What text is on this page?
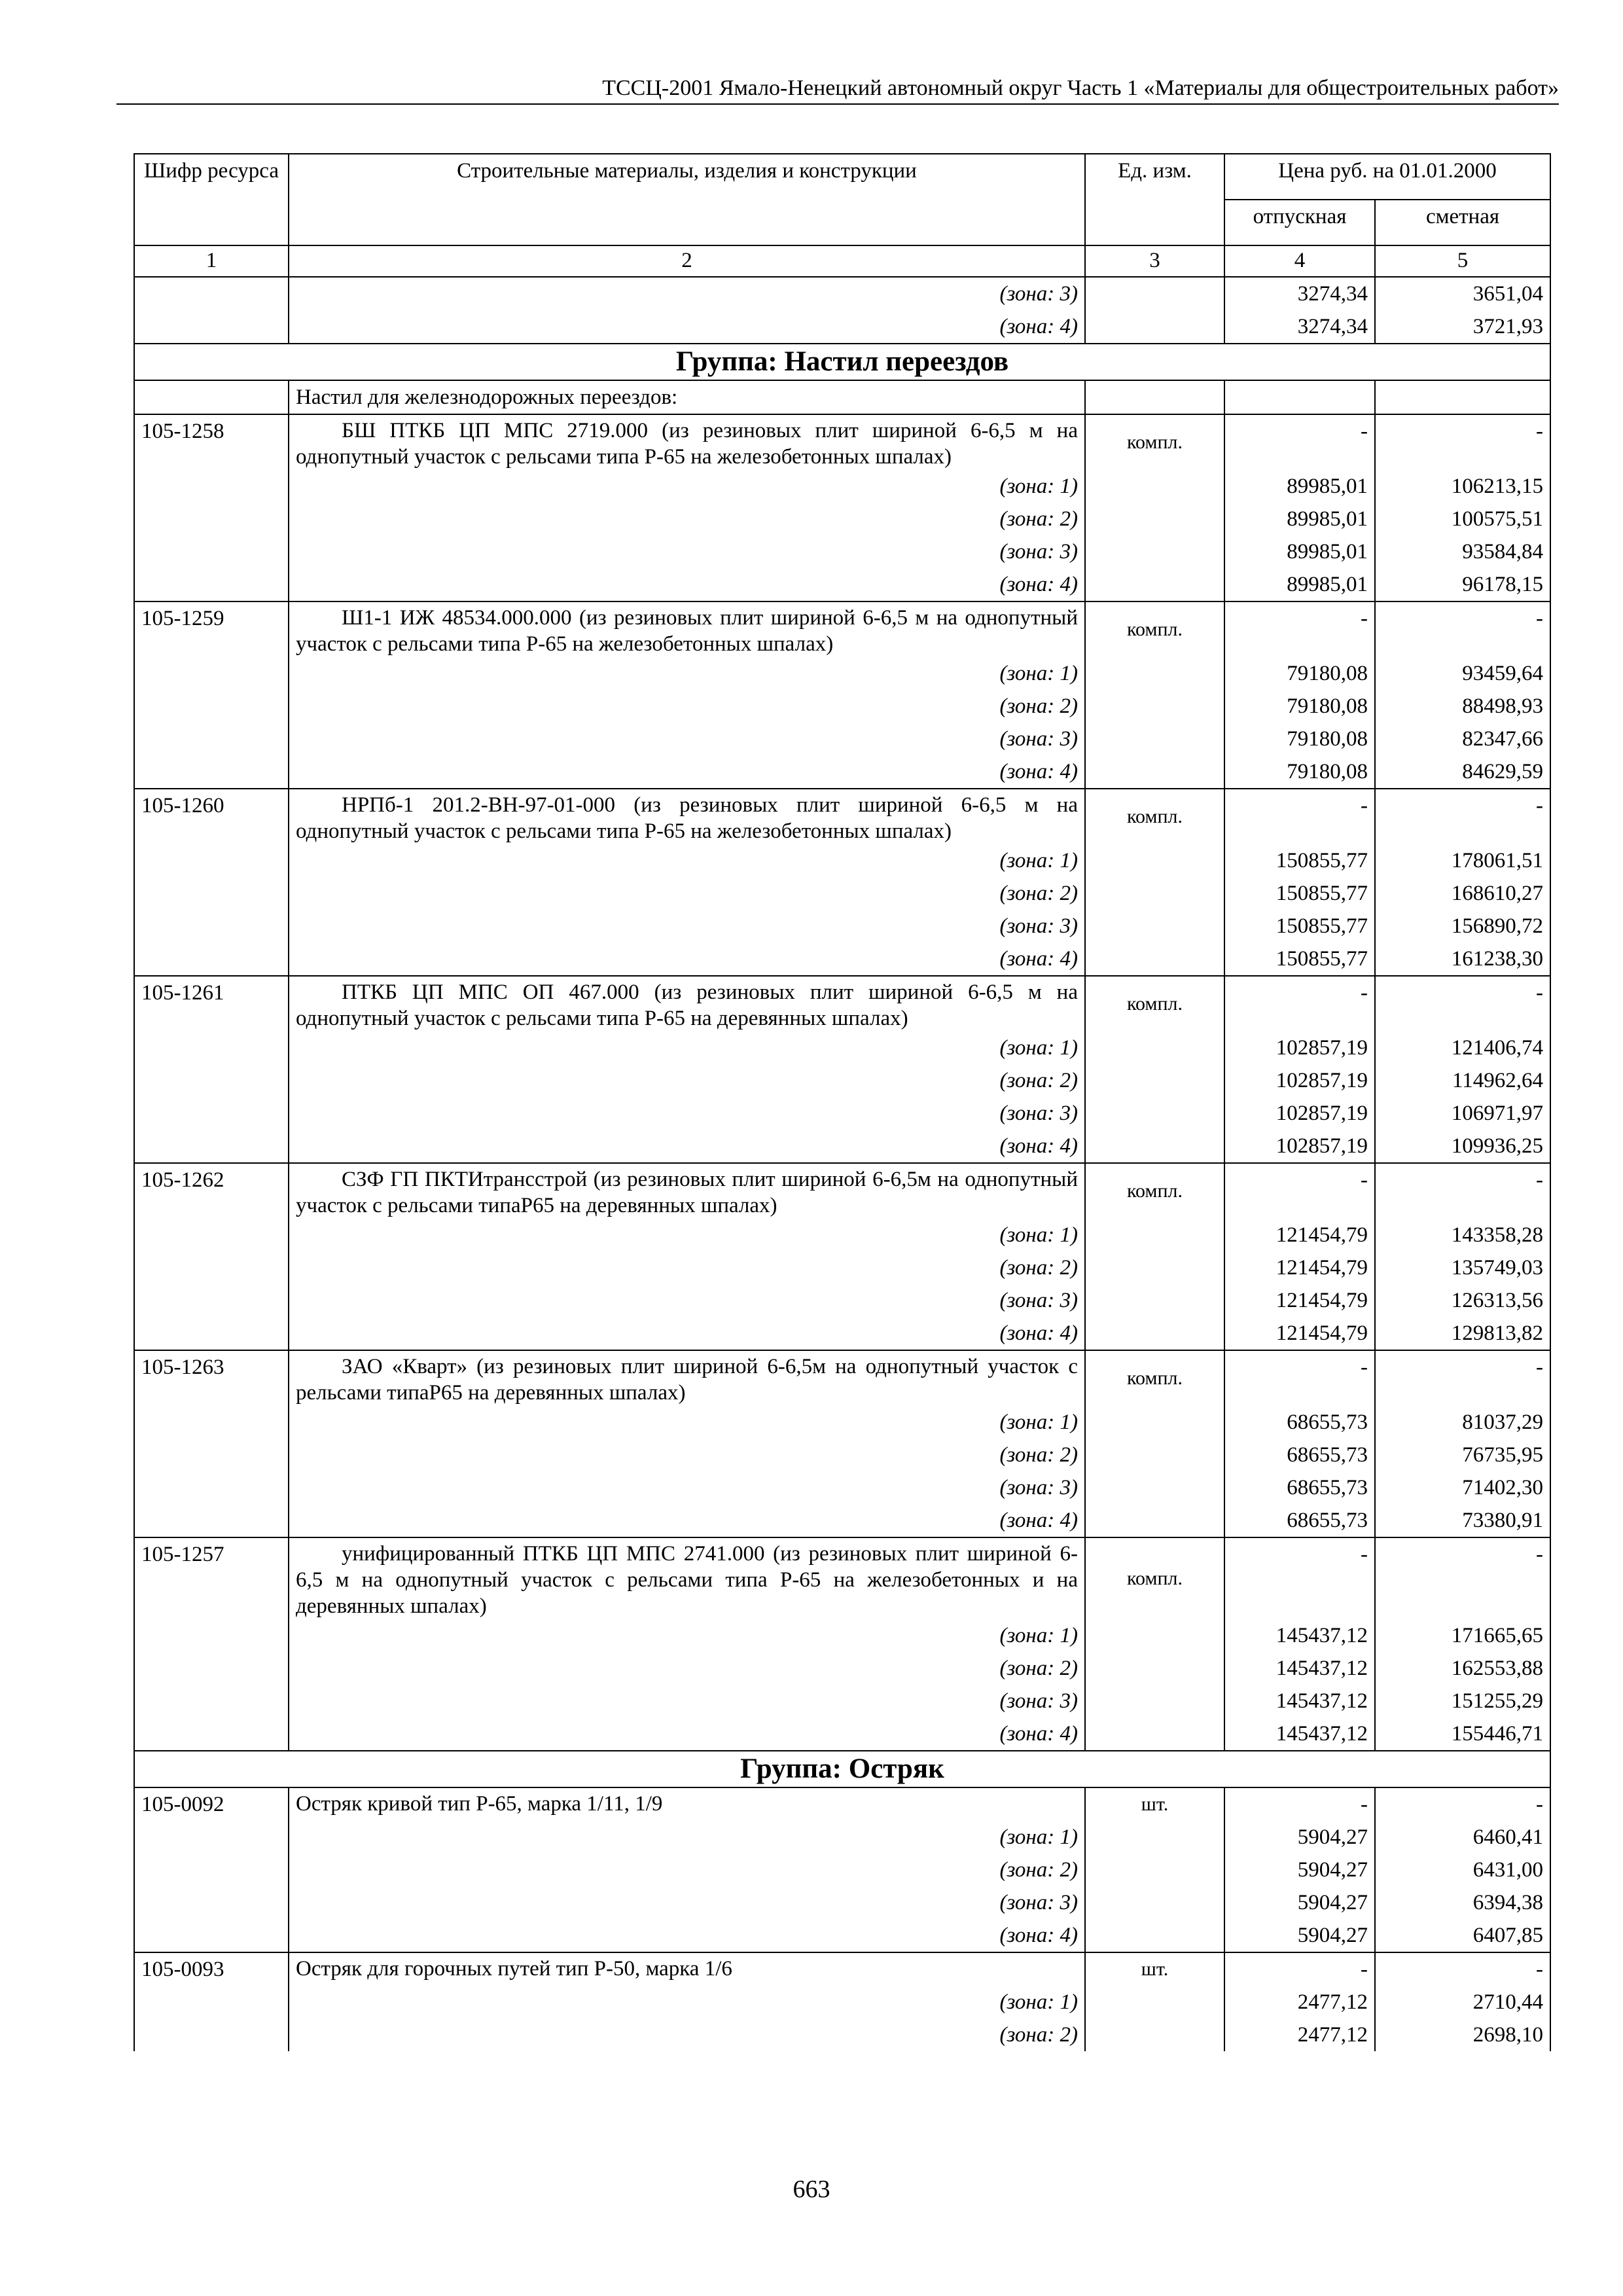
ТССЦ-2001 Ямало-Ненецкий автономный округ Часть 1 «Материалы для общестроительных работ»
Шифр ресурса	Строительные материалы, изделия и конструкции	Ед. изм.	Цена руб. на 01.01.2000	
			отпускная	сметная
1	2	3	4	5
	(зона: 3)		3274,34	3651,04
	(зона: 4)		3274,34	3721,93
Группа: Настил переездов				
	Настил для железнодорожных переездов:			
105-1258	БШ ПТКБ ЦП МПС 2719.000 (из резиновых плит шириной 6-6,5 м на однопутный участок с рельсами типа Р-65 на железобетонных шпалах)	компл.	-	-
	(зона: 1)		89985,01	106213,15
	(зона: 2)		89985,01	100575,51
	(зона: 3)		89985,01	93584,84
	(зона: 4)		89985,01	96178,15
105-1259	Ш1-1 ИЖ 48534.000.000 (из резиновых плит шириной 6-6,5 м на однопутный участок с рельсами типа Р-65 на железобетонных шпалах)	компл.	-	-
	(зона: 1)		79180,08	93459,64
	(зона: 2)		79180,08	88498,93
	(зона: 3)		79180,08	82347,66
	(зона: 4)		79180,08	84629,59
105-1260	НРПб-1 201.2-ВН-97-01-000 (из резиновых плит шириной 6-6,5 м на однопутный участок с рельсами типа Р-65 на железобетонных шпалах)	компл.	-	-
	(зона: 1)		150855,77	178061,51
	(зона: 2)		150855,77	168610,27
	(зона: 3)		150855,77	156890,72
	(зона: 4)		150855,77	161238,30
105-1261	ПТКБ ЦП МПС ОП 467.000 (из резиновых плит шириной 6-6,5 м на однопутный участок с рельсами типа Р-65 на деревянных шпалах)	компл.	-	-
	(зона: 1)		102857,19	121406,74
	(зона: 2)		102857,19	114962,64
	(зона: 3)		102857,19	106971,97
	(зона: 4)		102857,19	109936,25
105-1262	СЗФ ГП ПКТИтрансстрой (из резиновых плит шириной 6-6,5м на однопутный участок с рельсами типаР65 на деревянных шпалах)	компл.	-	-
	(зона: 1)		121454,79	143358,28
	(зона: 2)		121454,79	135749,03
	(зона: 3)		121454,79	126313,56
	(зона: 4)		121454,79	129813,82
105-1263	ЗАО «Кварт» (из резиновых плит шириной 6-6,5м на однопутный участок с рельсами типаР65 на деревянных шпалах)	компл.	-	-
	(зона: 1)		68655,73	81037,29
	(зона: 2)		68655,73	76735,95
	(зона: 3)		68655,73	71402,30
	(зона: 4)		68655,73	73380,91
105-1257	унифицированный ПТКБ ЦП МПС 2741.000 (из резиновых плит шириной 6-6,5 м на однопутный участок с рельсами типа Р-65 на железобетонных и на деревянных шпалах)	компл.	-	-
	(зона: 1)		145437,12	171665,65
	(зона: 2)		145437,12	162553,88
	(зона: 3)		145437,12	151255,29
	(зона: 4)		145437,12	155446,71
Группа: Остряк				
105-0092	Остряк кривой тип Р-65, марка 1/11, 1/9	шт.	-	-
	(зона: 1)		5904,27	6460,41
	(зона: 2)		5904,27	6431,00
	(зона: 3)		5904,27	6394,38
	(зона: 4)		5904,27	6407,85
105-0093	Остряк для горочных путей тип Р-50, марка 1/6	шт.	-	-
	(зона: 1)		2477,12	2710,44
	(зона: 2)		2477,12	2698,10
663
